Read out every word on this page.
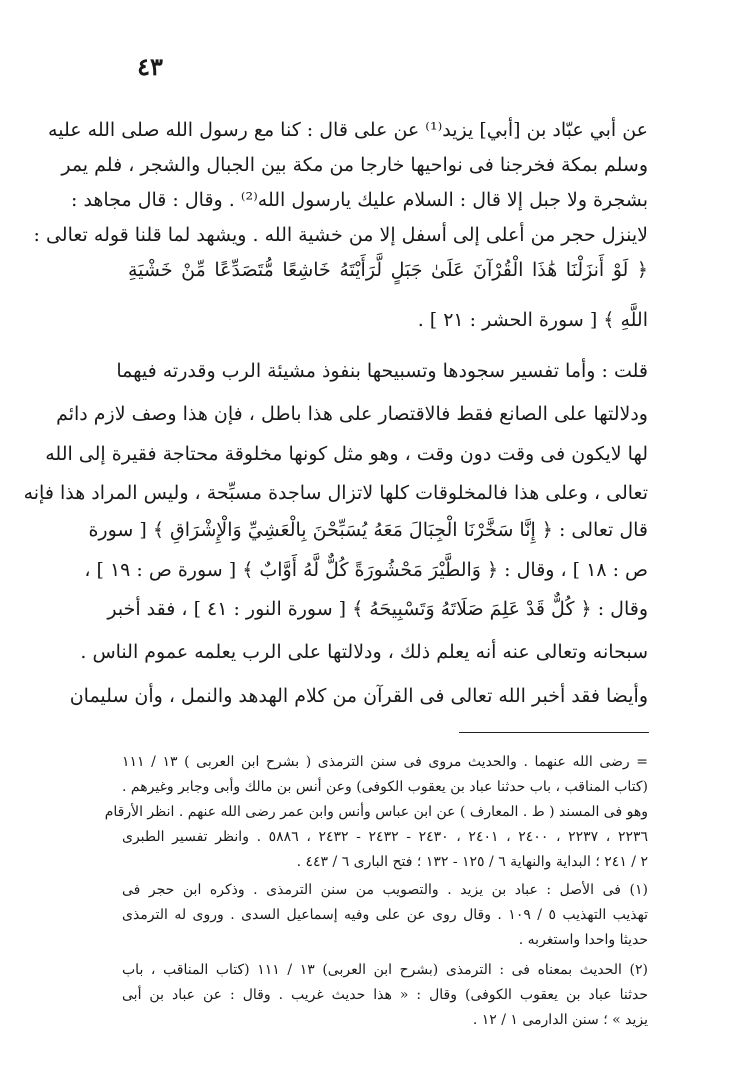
٤٣
عن أبي عبّاد بن [أبي] يزيد⁽¹⁾ عن على قال : كنا مع رسول الله صلى الله عليه
وسلم بمكة فخرجنا فى نواحيها خارجا من مكة بين الجبال والشجر ، فلم يمر
بشجرة ولا جبل إلا قال : السلام عليك يارسول الله⁽²⁾ . وقال : قال مجاهد :
لاينزل حجر من أعلى إلى أسفل إلا من خشية الله . ويشهد لما قلنا قوله تعالى :
﴿ لَوْ أَنزَلْنَا هَٰذَا الْقُرْآنَ عَلَىٰ جَبَلٍ لَّرَأَيْتَهُ خَاشِعًا مُّتَصَدِّعًا مِّنْ خَشْيَةِ
اللَّهِ ﴾ [ سورة الحشر : ٢١ ] .
قلت : وأما تفسير سجودها وتسبيحها بنفوذ مشيئة الرب وقدرته فيهما
ودلالتها على الصانع فقط فالاقتصار على هذا باطل ، فإن هذا وصف لازم دائم
لها لايكون فى وقت دون وقت ، وهو مثل كونها مخلوقة محتاجة فقيرة إلى الله
تعالى ، وعلى هذا فالمخلوقات كلها لاتزال ساجدة مسبِّحة ، وليس المراد هذا فإنه
قال تعالى : ﴿ إِنَّا سَخَّرْنَا الْجِبَالَ مَعَهُ يُسَبِّحْنَ بِالْعَشِيِّ وَالْإِشْرَاقِ ﴾ [ سورة
ص : ١٨ ] ، وقال : ﴿ وَالطَّيْرَ مَحْشُورَةً كُلٌّ لَّهُ أَوَّابٌ ﴾ [ سورة ص : ١٩ ] ،
وقال : ﴿ كُلٌّ قَدْ عَلِمَ صَلَاتَهُ وَتَسْبِيحَهُ ﴾ [ سورة النور : ٤١ ] ، فقد أخبر
سبحانه وتعالى عنه أنه يعلم ذلك ، ودلالتها على الرب يعلمه عموم الناس .
وأيضا فقد أخبر الله تعالى فى القرآن من كلام الهدهد والنمل ، وأن سليمان
= رضى الله عنهما . والحديث مروى فى سنن الترمذى ( بشرح ابن العربى ) ١٣ / ١١١
(كتاب المناقب ، باب حدثنا عباد بن يعقوب الكوفى) وعن أنس بن مالك وأبى وجابر وغيرهم .
وهو فى المسند ( ط . المعارف ) عن ابن عباس وأنس وابن عمر رضى الله عنهم . انظر الأرقام
٢٢٣٦ ، ٢٢٣٧ ، ٢٤٠٠ ، ٢٤٠١ ، ٢٤٣٠ - ٢٤٣٢ - ٢٤٣٢ ، ٥٨٨٦ . وانظر تفسير الطبرى
٢ / ٢٤١ ؛ البداية والنهاية ٦ / ١٢٥ - ١٣٢ ؛ فتح البارى ٦ / ٤٤٣ .
(١) فى الأصل : عباد بن يزيد . والتصويب من سنن الترمذى . وذكره ابن حجر فى
تهذيب التهذيب ٥ / ١٠٩ . وقال روى عن على وفيه إسماعيل السدى . وروى له الترمذى
حديثا واحدا واستغربه .
(٢) الحديث بمعناه فى : الترمذى (بشرح ابن العربى) ١٣ / ١١١ (كتاب المناقب ، باب
حدثنا عباد بن يعقوب الكوفى) وقال : « هذا حديث غريب . وقال : عن عباد بن أبى
يزيد » ؛ سنن الدارمى ١ / ١٢ .
